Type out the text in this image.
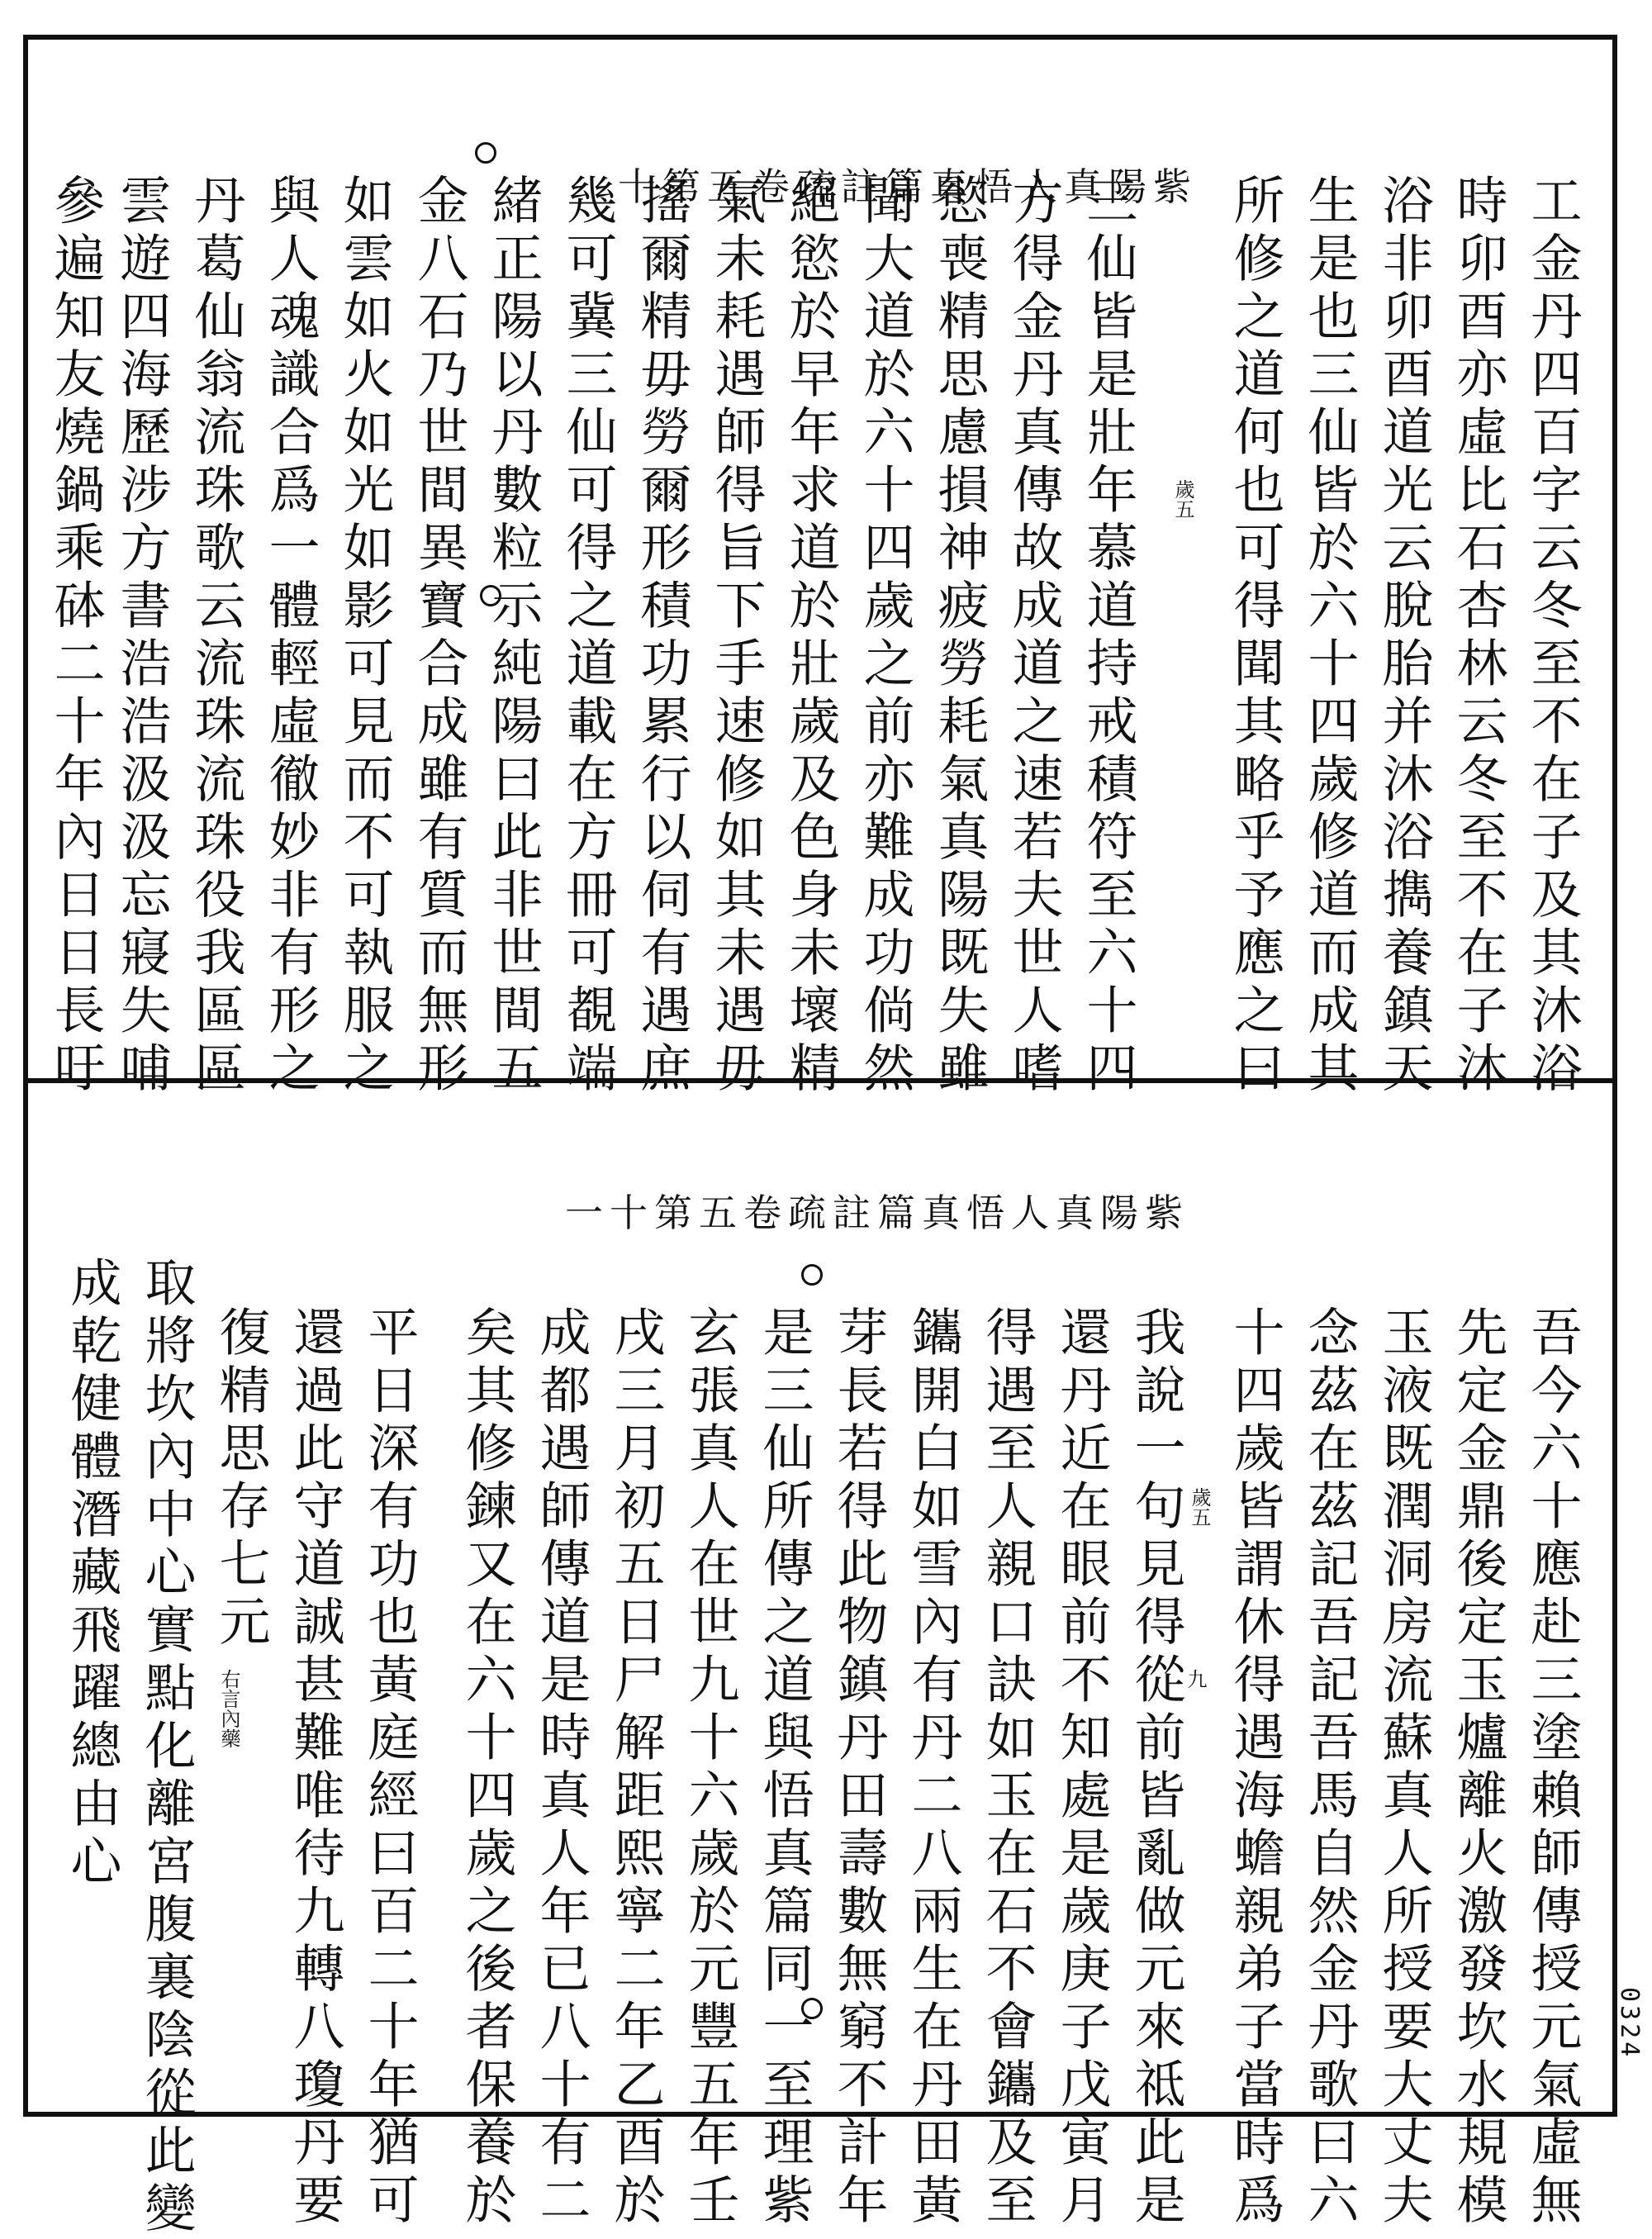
紫陽真人悟真篇註疏卷五第十	工金丹四百字云冬至不在子及其沐浴
時卯酉亦虛比石杏林云冬至不在子沐
浴非卯酉道光云脫胎并沐浴擕養鎮天
生是也三仙皆於六十四歲修道而成其
所修之道何也可得聞其略乎予應之曰
三仙皆是壯年慕道持戒積符至六十四
方得金丹真傳故成道之速若夫世人嗜
慾喪精思慮損神疲勞耗氣真陽既失雖
聞大道於六十四歲之前亦難成功倘然
絕慾於早年求道於壯歲及色身未壞精
氣未耗遇師得旨下手速修如其未遇毋
搖爾精毋勞爾形積功累行以伺有遇庶
幾可冀三仙可得之道載在方冊可覩端
緒正陽以丹數粒示純陽曰此非世間五
金八石乃世間異寶合成雖有質而無形
如雲如火如光如影可見而不可執服之
與人魂識合爲一體輕虛徹妙非有形之
丹葛仙翁流珠歌云流珠流珠役我區區
雲遊四海歷涉方書浩浩汲汲忘寢失哺
參遍知友燒鍋乘砵二十年內日日長吁	歲五
紫陽真人悟真篇註疏卷五第十一
吾今六十應赴三塗賴師傳授元氣虛無
先定金鼎後定玉爐離火激發坎水規模
玉液既潤洞房流蘇真人所授要大丈夫
念茲在茲記吾記吾馬自然金丹歌曰六
十四歲皆謂休得遇海蟾親弟子當時爲
我說一句見得從前皆亂做元來祗此是
還丹近在眼前不知處是歲庚子戊寅月
得遇至人親口訣如玉在石不會鑴及至
鑴開白如雪內有丹二八兩生在丹田黃
芽長若得此物鎮丹田壽數無窮不計年
是三仙所傳之道與悟真篇同一至理紫
玄張真人在世九十六歲於元豐五年壬
戌三月初五日尸解距熙寧二年乙酉於
成都遇師傳道是時真人年已八十有二
矣其修鍊又在六十四歲之後者保養於
平日深有功也黃庭經曰百二十年猶可
還過此守道誠甚難唯待九轉八瓊丹要
復精思存七元
取將坎內中心實點化離宮腹裏陰從此變
成乾健體潛藏飛躍總由心	歲五
九
右言內藥
0324
